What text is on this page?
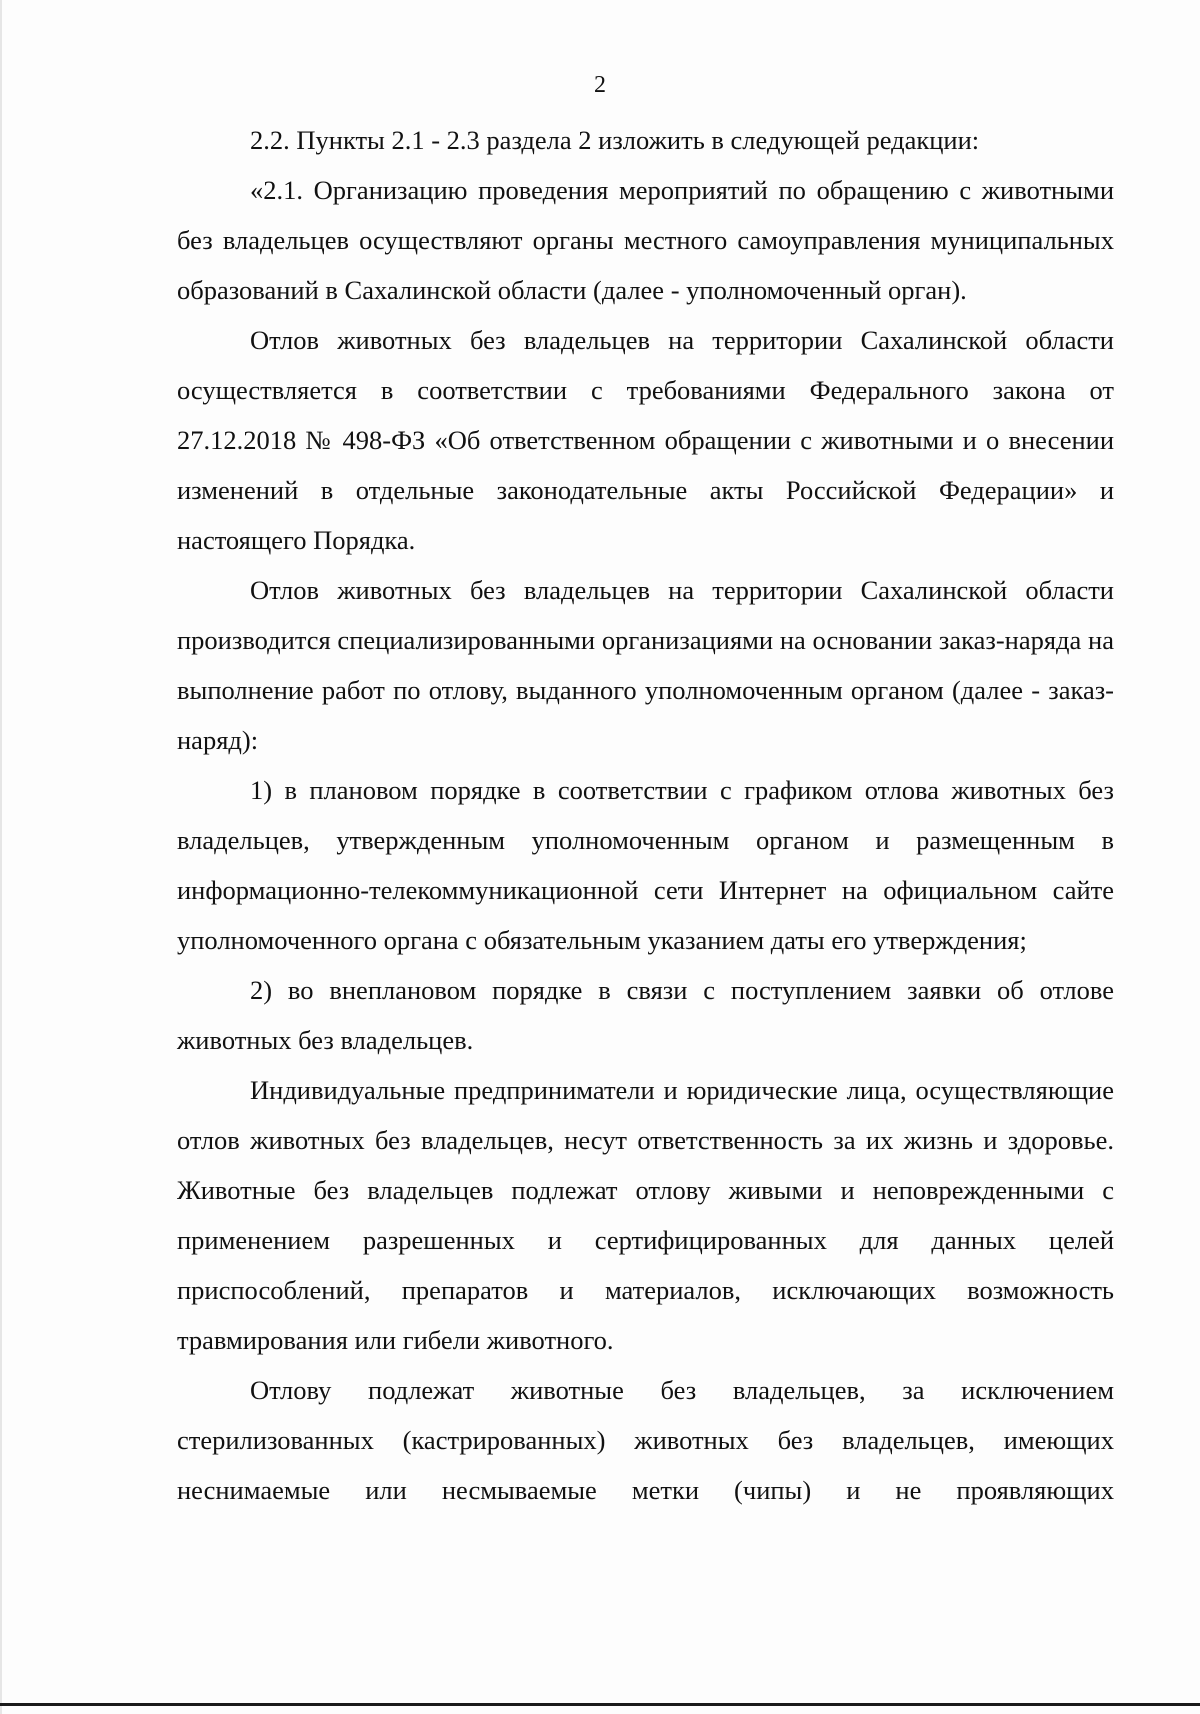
2

2.2. Пункты 2.1 - 2.3 раздела 2 изложить в следующей редакции:

«2.1. Организацию проведения мероприятий по обращению с животными без владельцев осуществляют органы местного самоуправления муниципальных образований в Сахалинской области (далее - уполномоченный орган).

Отлов животных без владельцев на территории Сахалинской области осуществляется в соответствии с требованиями Федерального закона от 27.12.2018 № 498-ФЗ «Об ответственном обращении с животными и о внесении изменений в отдельные законодательные акты Российской Федерации» и настоящего Порядка.

Отлов животных без владельцев на территории Сахалинской области производится специализированными организациями на основании заказ-наряда на выполнение работ по отлову, выданного уполномоченным органом (далее - заказ-наряд):

1) в плановом порядке в соответствии с графиком отлова животных без владельцев, утвержденным уполномоченным органом и размещенным в информационно-телекоммуникационной сети Интернет на официальном сайте уполномоченного органа с обязательным указанием даты его утверждения;

2) во внеплановом порядке в связи с поступлением заявки об отлове животных без владельцев.

Индивидуальные предприниматели и юридические лица, осуществляющие отлов животных без владельцев, несут ответственность за их жизнь и здоровье. Животные без владельцев подлежат отлову живыми и неповрежденными с применением разрешенных и сертифицированных для данных целей приспособлений, препаратов и материалов, исключающих возможность травмирования или гибели животного.

Отлову подлежат животные без владельцев, за исключением стерилизованных (кастрированных) животных без владельцев, имеющих неснимаемые или несмываемые метки (чипы) и не проявляющих
